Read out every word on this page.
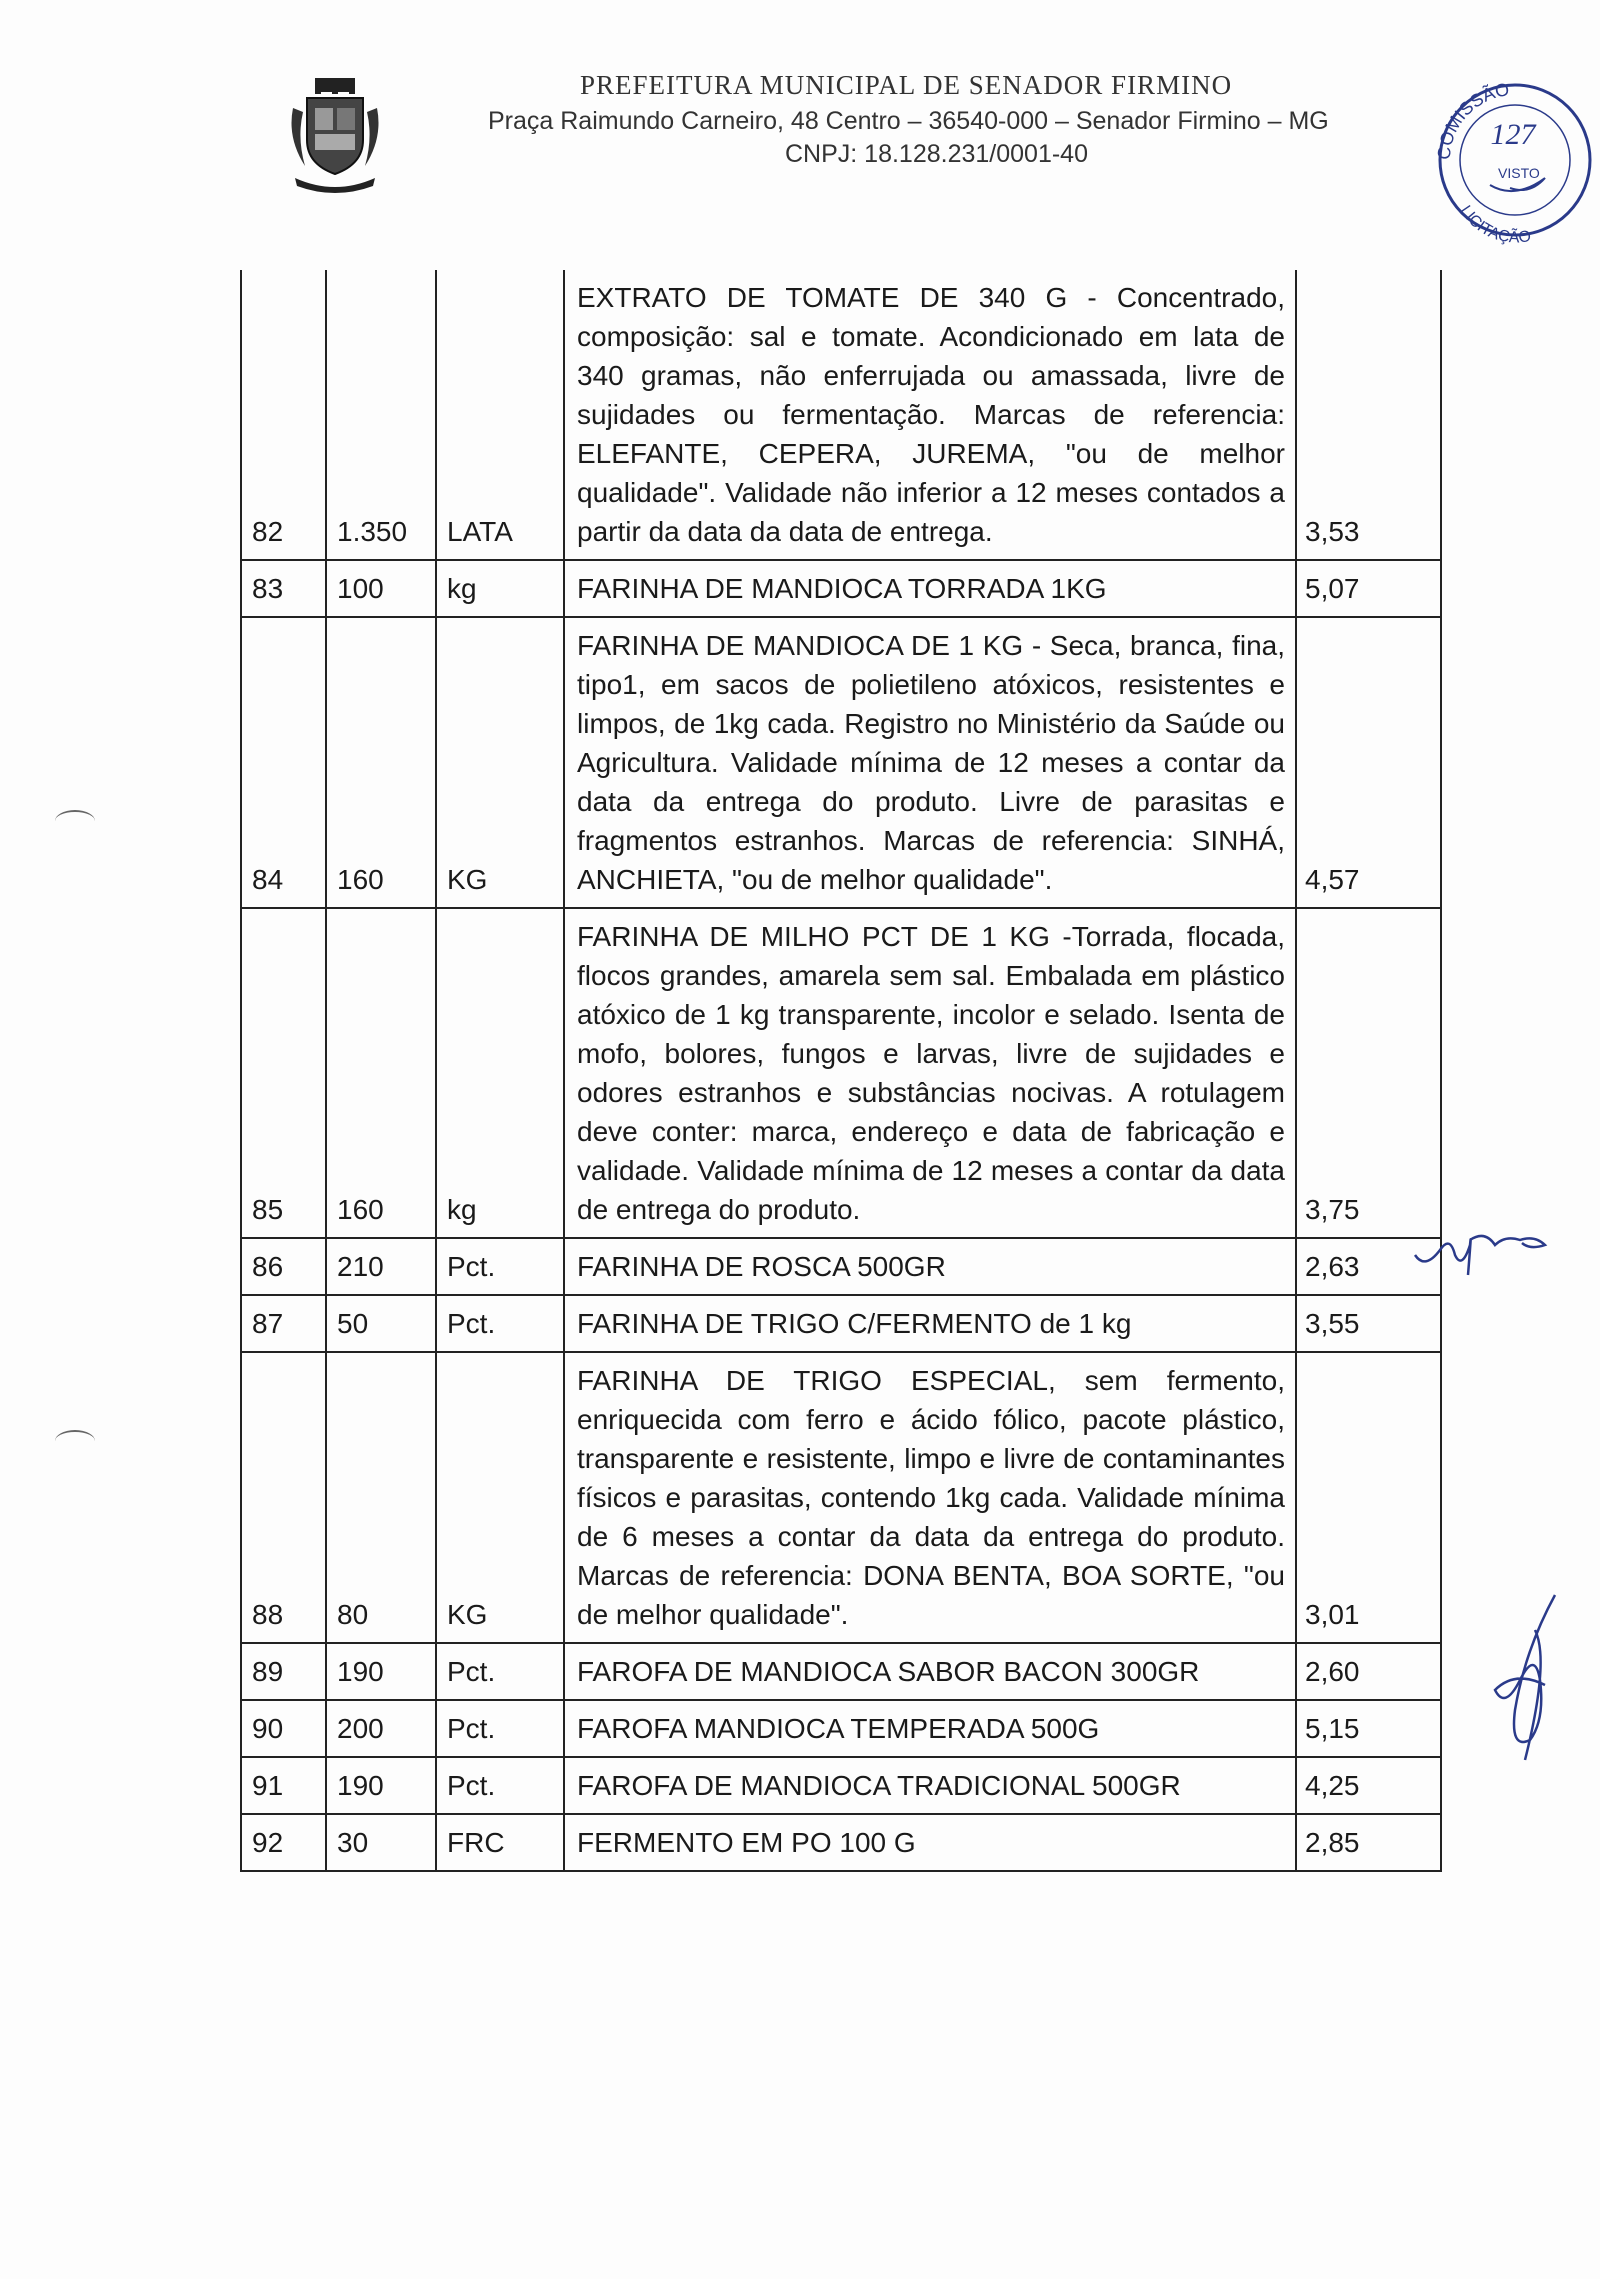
PREFEITURA MUNICIPAL DE SENADOR FIRMINO
Praça Raimundo Carneiro, 48 Centro – 36540-000 – Senador Firmino – MG
CNPJ: 18.128.231/0001-40	COMISSÃO
LICITAÇÃO
VISTO
127
82	1.350	LATA	EXTRATO DE TOMATE DE 340 G - Concentrado, composição: sal e tomate. Acondicionado em lata de 340 gramas, não enferrujada ou amassada, livre de sujidades ou fermentação. Marcas de referencia: ELEFANTE, CEPERA, JUREMA, "ou de melhor qualidade". Validade não inferior a 12 meses contados a partir da data da data de entrega.	3,53
83	100	kg	FARINHA DE MANDIOCA TORRADA 1KG	5,07
84	160	KG	FARINHA DE MANDIOCA DE 1 KG - Seca, branca, fina, tipo1, em sacos de polietileno atóxicos, resistentes e limpos, de 1kg cada. Registro no Ministério da Saúde ou Agricultura. Validade mínima de 12 meses a contar da data da entrega do produto. Livre de parasitas e fragmentos estranhos. Marcas de referencia: SINHÁ, ANCHIETA, "ou de melhor qualidade".	4,57
85	160	kg	FARINHA DE MILHO PCT DE 1 KG -Torrada, flocada, flocos grandes, amarela sem sal. Embalada em plástico atóxico de 1 kg transparente, incolor e selado. Isenta de mofo, bolores, fungos e larvas, livre de sujidades e odores estranhos e substâncias nocivas. A rotulagem deve conter: marca, endereço e data de fabricação e validade. Validade mínima de 12 meses a contar da data de entrega do produto.	3,75
86	210	Pct.	FARINHA DE ROSCA 500GR	2,63
87	50	Pct.	FARINHA DE TRIGO C/FERMENTO de 1 kg	3,55
88	80	KG	FARINHA DE TRIGO ESPECIAL, sem fermento, enriquecida com ferro e ácido fólico, pacote plástico, transparente e resistente, limpo e livre de contaminantes físicos e parasitas, contendo 1kg cada. Validade mínima de 6 meses a contar da data da entrega do produto. Marcas de referencia: DONA BENTA, BOA SORTE, "ou de melhor qualidade".	3,01
89	190	Pct.	FAROFA DE MANDIOCA SABOR BACON 300GR	2,60
90	200	Pct.	FAROFA MANDIOCA TEMPERADA 500G	5,15
91	190	Pct.	FAROFA DE MANDIOCA TRADICIONAL 500GR	4,25
92	30	FRC	FERMENTO EM PO 100 G	2,85
